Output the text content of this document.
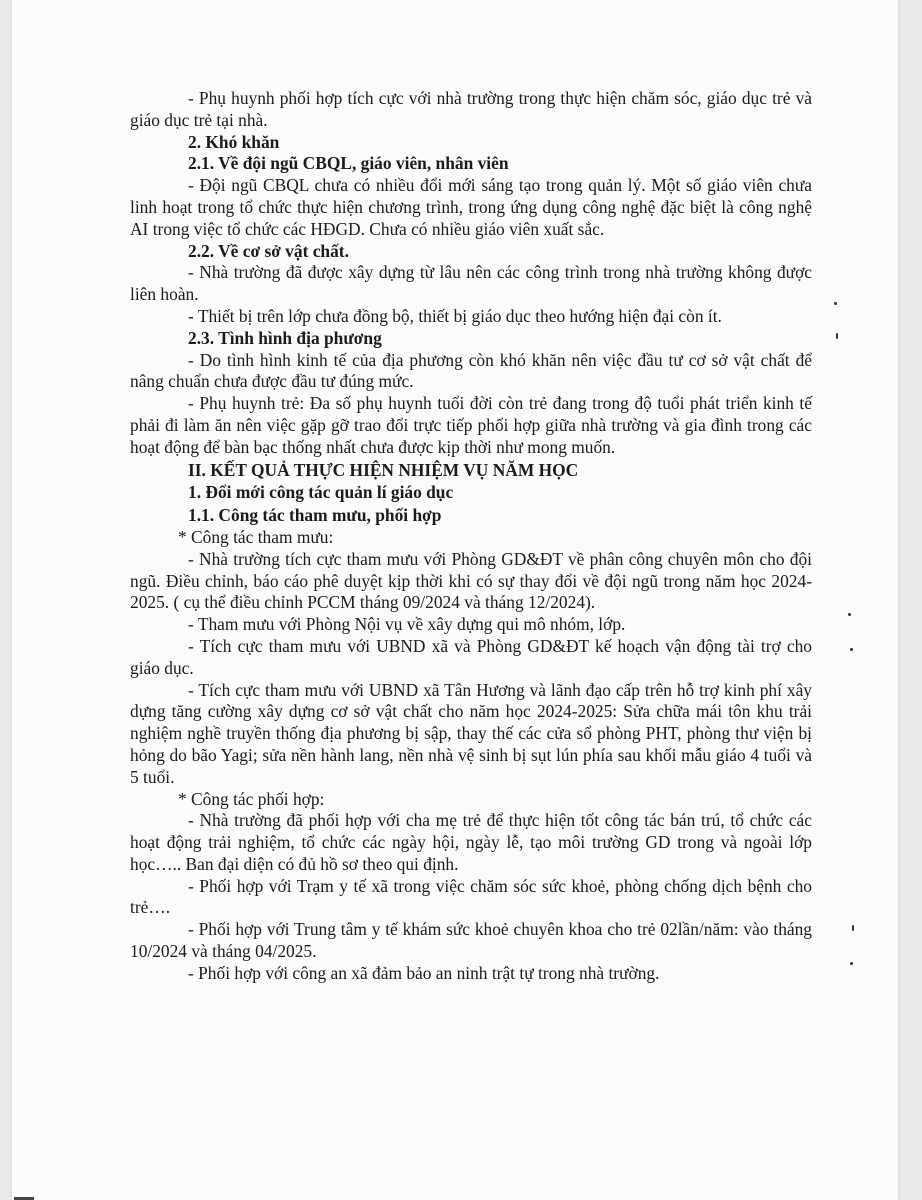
- Phụ huynh phối hợp tích cực với nhà trường trong thực hiện chăm sóc, giáo dục trẻ và giáo dục trẻ tại nhà.

2. Khó khăn

2.1. Về đội ngũ CBQL, giáo viên, nhân viên

- Đội ngũ CBQL chưa có nhiều đổi mới sáng tạo trong quản lý. Một số giáo viên chưa linh hoạt trong tổ chức thực hiện chương trình, trong ứng dụng công nghệ đặc biệt là công nghệ AI trong việc tổ chức các HĐGD. Chưa có nhiều giáo viên xuất sắc.

2.2. Về cơ sở vật chất.

- Nhà trường đã được xây dựng từ lâu nên các công trình trong nhà trường không được liên hoàn.

- Thiết bị trên lớp chưa đồng bộ, thiết bị giáo dục theo hướng hiện đại còn ít.

2.3. Tình hình địa phương

- Do tình hình kinh tế của địa phương còn khó khăn nên việc đầu tư cơ sở vật chất để nâng chuẩn chưa được đầu tư đúng mức.

- Phụ huynh trẻ: Đa số phụ huynh tuổi đời còn trẻ đang trong độ tuổi phát triển kinh tế phải đi làm ăn nên việc gặp gỡ trao đổi trực tiếp phối hợp giữa nhà trường và gia đình trong các hoạt động để bàn bạc thống nhất chưa được kịp thời như mong muốn.

II. KẾT QUẢ THỰC HIỆN NHIỆM VỤ NĂM HỌC

1. Đổi mới công tác quản lí giáo dục

1.1. Công tác tham mưu, phối hợp

* Công tác tham mưu:

- Nhà trường tích cực tham mưu với Phòng GD&ĐT về phân công chuyên môn cho đội ngũ. Điều chỉnh, báo cáo phê duyệt kịp thời khi có sự thay đổi về đội ngũ trong năm học 2024-2025. ( cụ thể điều chỉnh PCCM tháng 09/2024 và tháng 12/2024).

- Tham mưu với Phòng Nội vụ về xây dựng qui mô nhóm, lớp.

- Tích cực tham mưu với UBND xã và Phòng GD&ĐT kế hoạch vận động tài trợ cho giáo dục.

- Tích cực tham mưu với UBND xã Tân Hương và lãnh đạo cấp trên hỗ trợ kinh phí xây dựng tăng cường xây dựng cơ sở vật chất cho năm học 2024-2025: Sửa chữa mái tôn khu trải nghiệm nghề truyền thống địa phương bị sập, thay thế các cửa sổ phòng PHT, phòng thư viện bị hỏng do bão Yagi; sửa nền hành lang, nền nhà vệ sinh bị sụt lún phía sau khối mẫu giáo 4 tuổi và 5 tuổi.

* Công tác phối hợp:

- Nhà trường đã phối hợp với cha mẹ trẻ để thực hiện tốt công tác bán trú, tổ chức các hoạt động trải nghiệm, tổ chức các ngày hội, ngày lễ, tạo môi trường GD trong và ngoài lớp học….. Ban đại diện có đủ hồ sơ theo qui định.

- Phối hợp với Trạm y tế xã trong việc chăm sóc sức khoẻ, phòng chống dịch bệnh cho trẻ….

- Phối hợp với Trung tâm y tế khám sức khoẻ chuyên khoa cho trẻ 02lần/năm: vào tháng 10/2024 và tháng 04/2025.

- Phối hợp với công an xã đảm bảo an ninh trật tự trong nhà trường.
